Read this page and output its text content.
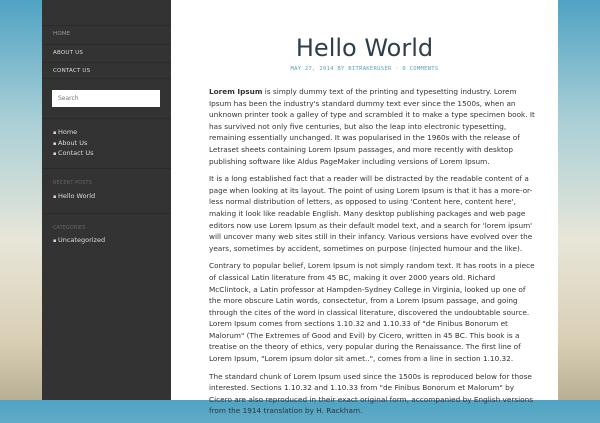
HOME
ABOUT US
CONTACT US
Search
▪ Home
▪ About Us
▪ Contact Us
RECENT POSTS
▪ Hello World
CATEGORIES
▪ Uncategorized
Hello World
MAY 27, 2014 BY BITRAKERUSER · 0 COMMENTS

Lorem Ipsum is simply dummy text of the printing and typesetting industry. Lorem Ipsum has been the industry's standard dummy text ever since the 1500s, when an unknown printer took a galley of type and scrambled it to make a type specimen book. It has survived not only five centuries, but also the leap into electronic typesetting, remaining essentially unchanged. It was popularised in the 1960s with the release of Letraset sheets containing Lorem Ipsum passages, and more recently with desktop publishing software like Aldus PageMaker including versions of Lorem Ipsum.

It is a long established fact that a reader will be distracted by the readable content of a page when looking at its layout. The point of using Lorem Ipsum is that it has a more-or-less normal distribution of letters, as opposed to using 'Content here, content here', making it look like readable English. Many desktop publishing packages and web page editors now use Lorem Ipsum as their default model text, and a search for 'lorem ipsum' will uncover many web sites still in their infancy. Various versions have evolved over the years, sometimes by accident, sometimes on purpose (injected humour and the like).

Contrary to popular belief, Lorem Ipsum is not simply random text. It has roots in a piece of classical Latin literature from 45 BC, making it over 2000 years old. Richard McClintock, a Latin professor at Hampden-Sydney College in Virginia, looked up one of the more obscure Latin words, consectetur, from a Lorem Ipsum passage, and going through the cites of the word in classical literature, discovered the undoubtable source. Lorem Ipsum comes from sections 1.10.32 and 1.10.33 of "de Finibus Bonorum et Malorum" (The Extremes of Good and Evil) by Cicero, written in 45 BC. This book is a treatise on the theory of ethics, very popular during the Renaissance. The first line of Lorem Ipsum, "Lorem ipsum dolor sit amet..", comes from a line in section 1.10.32.

The standard chunk of Lorem Ipsum used since the 1500s is reproduced below for those interested. Sections 1.10.32 and 1.10.33 from "de Finibus Bonorum et Malorum" by Cicero are also reproduced in their exact original form, accompanied by English versions from the 1914 translation by H. Rackham.
